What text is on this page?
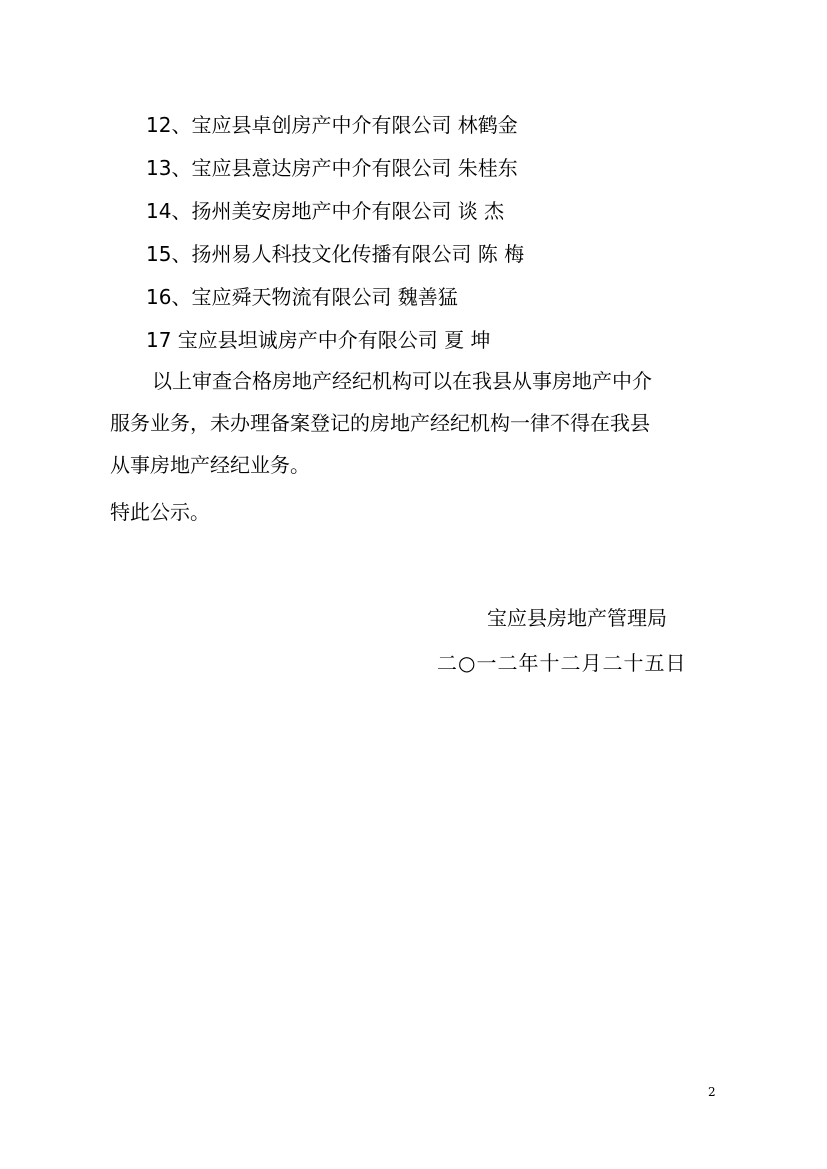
12、宝应县卓创房产中介有限公司 林鹤金
13、宝应县意达房产中介有限公司 朱桂东
14、扬州美安房地产中介有限公司 谈 杰
15、扬州易人科技文化传播有限公司 陈 梅
16、宝应舜天物流有限公司 魏善猛
17 宝应县坦诚房产中介有限公司 夏 坤
以上审查合格房地产经纪机构可以在我县从事房地产中介
服务业务，未办理备案登记的房地产经纪机构一律不得在我县
从事房地产经纪业务。
特此公示。
宝应县房地产管理局
二○一二年十二月二十五日
2
